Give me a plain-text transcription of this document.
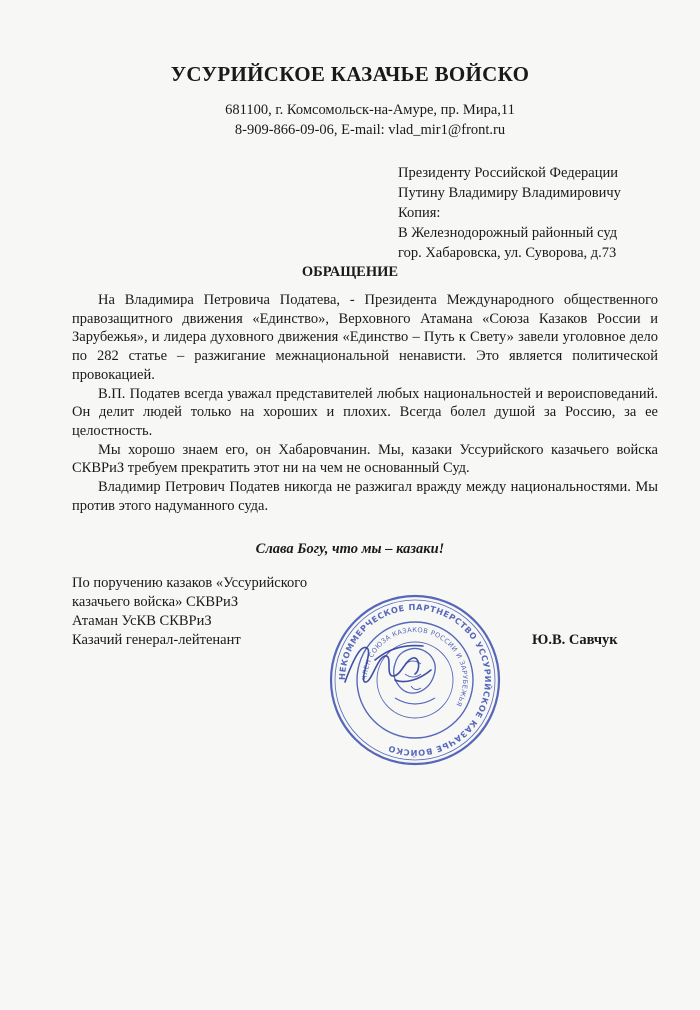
УСУРИЙСКОЕ КАЗАЧЬЕ ВОЙСКО
681100, г. Комсомольск-на-Амуре, пр. Мира,11
8-909-866-09-06, E-mail: vlad_mir1@front.ru
Президенту Российской Федерации
Путину Владимиру Владимировичу
Копия:
В Железнодорожный районный суд
гор. Хабаровска, ул. Суворова, д.73
ОБРАЩЕНИЕ

На Владимира Петровича Податева, - Президента Международного общественного правозащитного движения «Единство», Верховного Атамана «Союза Казаков России и Зарубежья», и лидера духовного движения «Единство – Путь к Свету» завели уголовное дело по 282 статье – разжигание межнациональной ненависти. Это является политической провокацией.

В.П. Податев всегда уважал представителей любых национальностей и вероисповеданий. Он делит людей только на хороших и плохих. Всегда болел душой за Россию, за ее целостность.

Мы хорошо знаем его, он Хабаровчанин. Мы, казаки Уссурийского казачьего войска СКВРиЗ требуем прекратить этот ни на чем не основанный Суд.

Владимир Петрович Податев никогда не разжигал вражду между национальностями. Мы против этого надуманного суда.

Слава Богу, что мы – казаки!
По поручению казаков «Уссурийского
казачьего войска» СКВРиЗ
Атаман УсКВ СКВРиЗ
Казачий генерал-лейтенант	Ю.В. Савчук
НЕКОММЕРЧЕСКОЕ ПАРТНЕРСТВО УССУРИЙСКОЕ КАЗАЧЬЕ ВОЙСКО
ЧЛЕН СОЮЗА КАЗАКОВ РОССИИ И ЗАРУБЕЖЬЯ
